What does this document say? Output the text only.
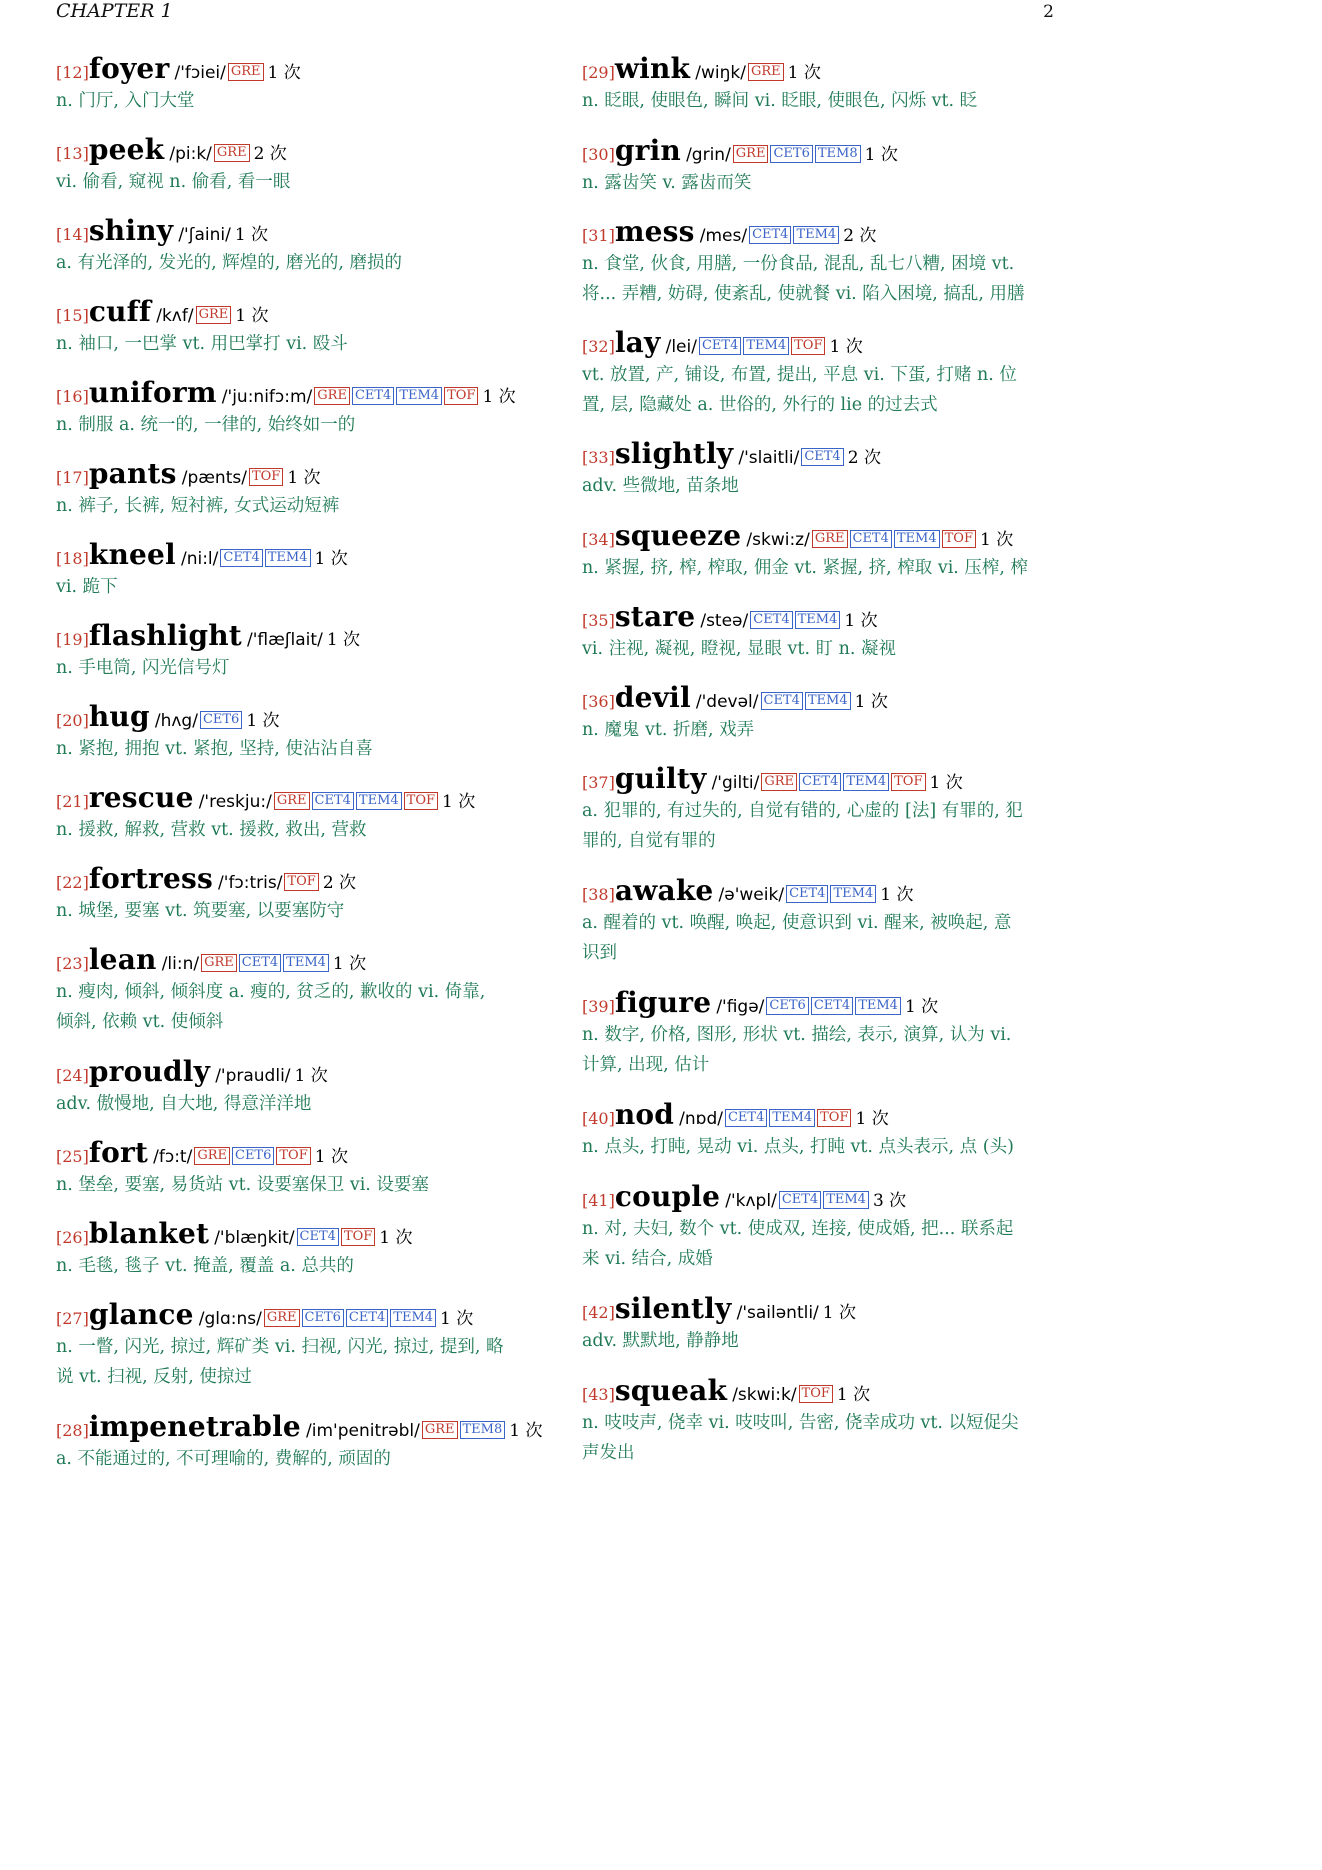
CHAPTER 1	2
[12]foyer /'fɔiei/ GRE 1 次
n. 门厅, 入门大堂
[13]peek /pi:k/ GRE 2 次
vi. 偷看, 窥视 n. 偷看, 看一眼
[14]shiny /'ʃaini/ 1 次
a. 有光泽的, 发光的, 辉煌的, 磨光的, 磨损的
[15]cuff /kʌf/ GRE 1 次
n. 袖口, 一巴掌 vt. 用巴掌打 vi. 殴斗
[16]uniform /'ju:nifɔ:m/ GRE CET4 TEM4 TOF 1 次
n. 制服 a. 统一的, 一律的, 始终如一的
[17]pants /pænts/ TOF 1 次
n. 裤子, 长裤, 短衬裤, 女式运动短裤
[18]kneel /ni:l/ CET4 TEM4 1 次
vi. 跪下
[19]flashlight /'flæʃlait/ 1 次
n. 手电筒, 闪光信号灯
[20]hug /hʌg/ CET6 1 次
n. 紧抱, 拥抱 vt. 紧抱, 坚持, 使沾沾自喜
[21]rescue /'reskju:/ GRE CET4 TEM4 TOF 1 次
n. 援救, 解救, 营救 vt. 援救, 救出, 营救
[22]fortress /'fɔ:tris/ TOF 2 次
n. 城堡, 要塞 vt. 筑要塞, 以要塞防守
[23]lean /li:n/ GRE CET4 TEM4 1 次
n. 瘦肉, 倾斜, 倾斜度 a. 瘦的, 贫乏的, 歉收的 vi. 倚靠,
倾斜, 依赖 vt. 使倾斜
[24]proudly /'praudli/ 1 次
adv. 傲慢地, 自大地, 得意洋洋地
[25]fort /fɔ:t/ GRE CET6 TOF 1 次
n. 堡垒, 要塞, 易货站 vt. 设要塞保卫 vi. 设要塞
[26]blanket /'blæŋkit/ CET4 TOF 1 次
n. 毛毯, 毯子 vt. 掩盖, 覆盖 a. 总共的
[27]glance /glɑ:ns/ GRE CET6 CET4 TEM4 1 次
n. 一瞥, 闪光, 掠过, 辉矿类 vi. 扫视, 闪光, 掠过, 提到, 略
说 vt. 扫视, 反射, 使掠过
[28]impenetrable /im'penitrəbl/ GRE TEM8 1 次
a. 不能通过的, 不可理喻的, 费解的, 顽固的
[29]wink /wiŋk/ GRE 1 次
n. 眨眼, 使眼色, 瞬间 vi. 眨眼, 使眼色, 闪烁 vt. 眨
[30]grin /grin/ GRE CET6 TEM8 1 次
n. 露齿笑 v. 露齿而笑
[31]mess /mes/ CET4 TEM4 2 次
n. 食堂, 伙食, 用膳, 一份食品, 混乱, 乱七八糟, 困境 vt.
将... 弄糟, 妨碍, 使紊乱, 使就餐 vi. 陷入困境, 搞乱, 用膳
[32]lay /lei/ CET4 TEM4 TOF 1 次
vt. 放置, 产, 铺设, 布置, 提出, 平息 vi. 下蛋, 打赌 n. 位
置, 层, 隐藏处 a. 世俗的, 外行的 lie 的过去式
[33]slightly /'slaitli/ CET4 2 次
adv. 些微地, 苗条地
[34]squeeze /skwi:z/ GRE CET4 TEM4 TOF 1 次
n. 紧握, 挤, 榨, 榨取, 佣金 vt. 紧握, 挤, 榨取 vi. 压榨, 榨
[35]stare /steə/ CET4 TEM4 1 次
vi. 注视, 凝视, 瞪视, 显眼 vt. 盯 n. 凝视
[36]devil /'devəl/ CET4 TEM4 1 次
n. 魔鬼 vt. 折磨, 戏弄
[37]guilty /'gilti/ GRE CET4 TEM4 TOF 1 次
a. 犯罪的, 有过失的, 自觉有错的, 心虚的 [法] 有罪的, 犯
罪的, 自觉有罪的
[38]awake /ə'weik/ CET4 TEM4 1 次
a. 醒着的 vt. 唤醒, 唤起, 使意识到 vi. 醒来, 被唤起, 意
识到
[39]figure /'figə/ CET6 CET4 TEM4 1 次
n. 数字, 价格, 图形, 形状 vt. 描绘, 表示, 演算, 认为 vi.
计算, 出现, 估计
[40]nod /nɒd/ CET4 TEM4 TOF 1 次
n. 点头, 打盹, 晃动 vi. 点头, 打盹 vt. 点头表示, 点 (头)
[41]couple /'kʌpl/ CET4 TEM4 3 次
n. 对, 夫妇, 数个 vt. 使成双, 连接, 使成婚, 把... 联系起
来 vi. 结合, 成婚
[42]silently /'sailəntli/ 1 次
adv. 默默地, 静静地
[43]squeak /skwi:k/ TOF 1 次
n. 吱吱声, 侥幸 vi. 吱吱叫, 告密, 侥幸成功 vt. 以短促尖
声发出
